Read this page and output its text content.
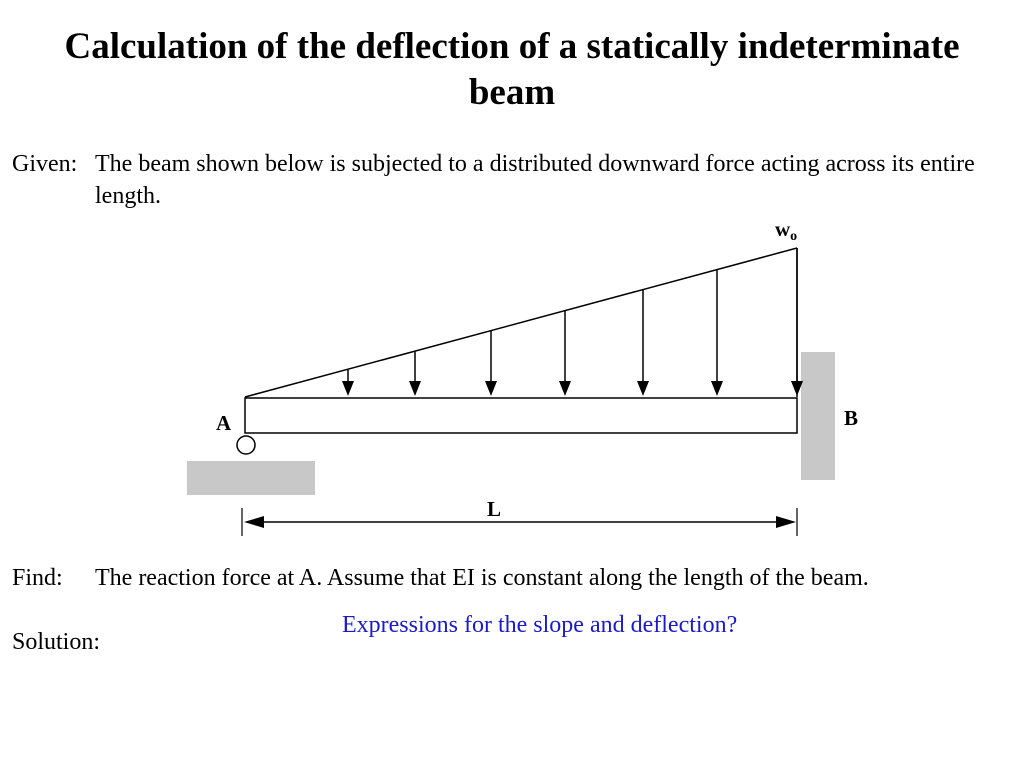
Calculation of the deflection of a statically indeterminate beam
Given: The beam shown below is subjected to a distributed downward force acting across its entire length.
wo
A	B
L
Find: The reaction force at A. Assume that EI is constant along the length of the beam.
Expressions for the slope and deflection?
Solution:
